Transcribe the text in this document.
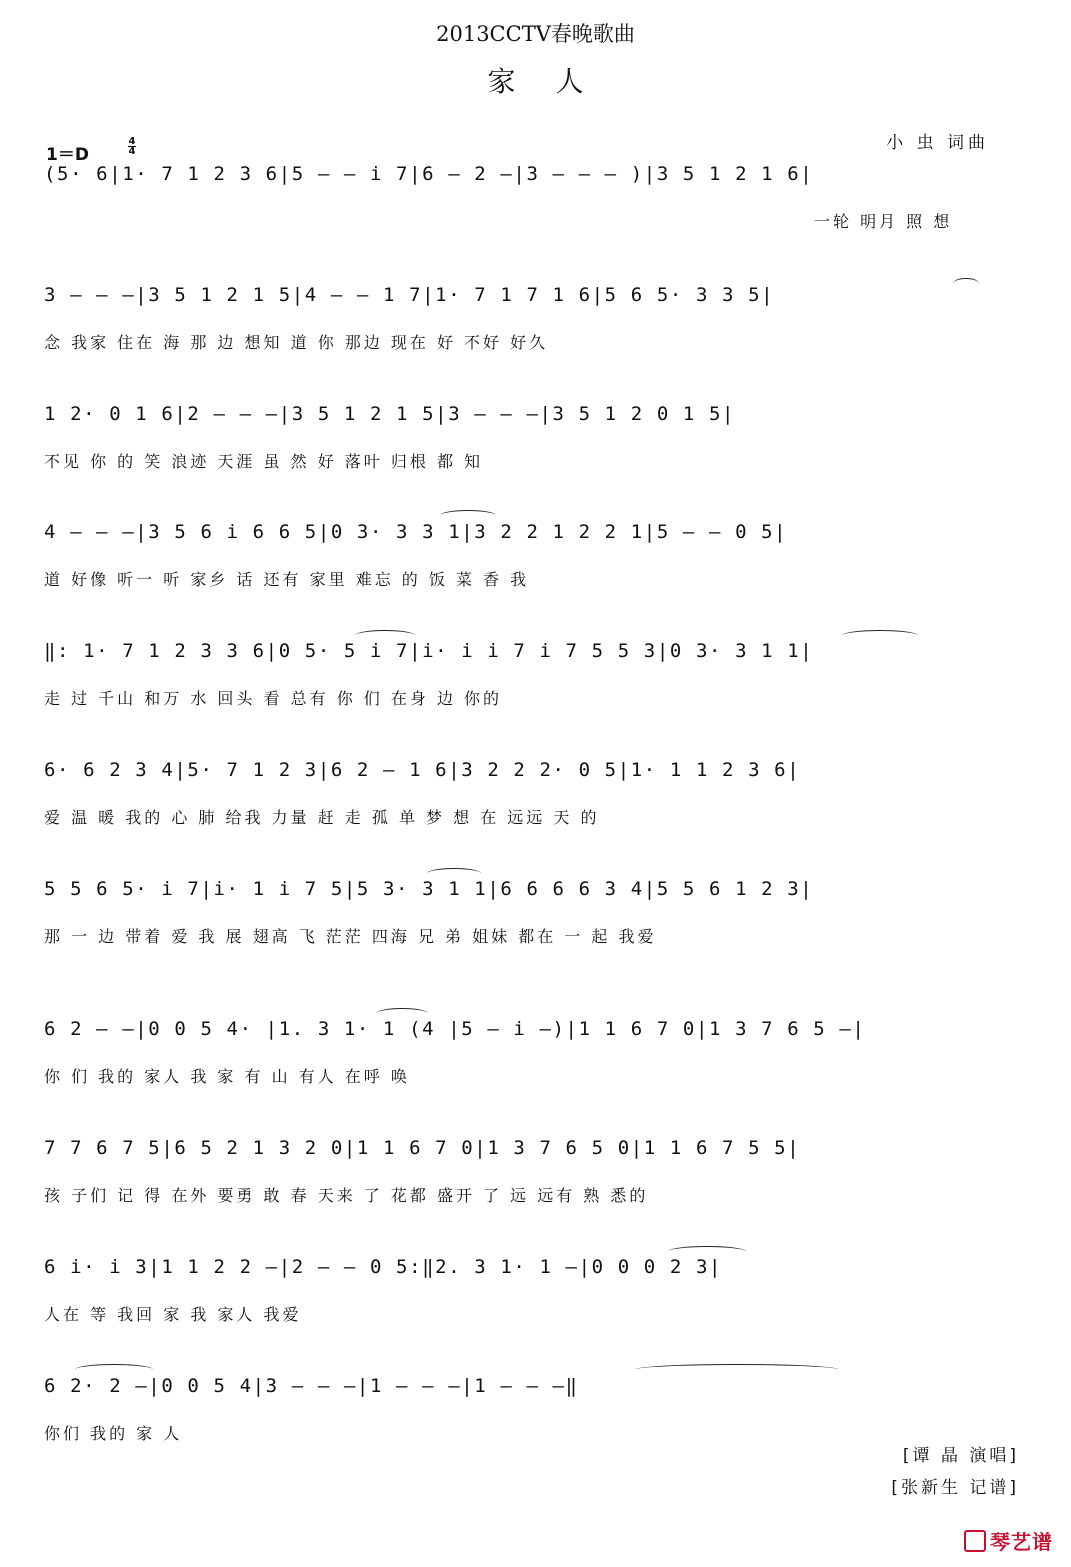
2013CCTV春晚歌曲
家人
小 虫 词曲
1＝D
4
4
(5· 6|1· 7 1 2 3 6|5 — — i 7|6 — 2 —|3 — — — )|3 5 1 2 1 6|
一轮 明月 照 想
3 — — —|3 5 1 2 1 5|4 — — 1 7|1· 7 1 7 1 6|5 6 5· 3 3 5|
念 我家 住在 海 那 边 想知 道 你 那边 现在 好 不好 好久
1 2· 0 1 6|2 — — —|3 5 1 2 1 5|3 — — —|3 5 1 2 0 1 5|
不见 你 的 笑 浪迹 天涯 虽 然 好 落叶 归根 都 知
4 — — —|3 5 6 i 6 6 5|0 3· 3 3 1|3 2 2 1 2 2 1|5 — — 0 5|
道 好像 听一 听 家乡 话 还有 家里 难忘 的 饭 菜 香 我
‖: 1· 7 1 2 3 3 6|0 5· 5 i 7|i· i i 7 i 7 5 5 3|0 3· 3 1 1|
走 过 千山 和万 水 回头 看 总有 你 们 在身 边 你的
6· 6 2 3 4|5· 7 1 2 3|6 2 — 1 6|3 2 2 2· 0 5|1· 1 1 2 3 6|
爱 温 暖 我的 心 肺 给我 力量 赶 走 孤 单 梦 想 在 远远 天 的
5 5 6 5· i 7|i· 1 i 7 5|5 3· 3 1 1|6 6 6 6 3 4|5 5 6 1 2 3|
那 一 边 带着 爱 我 展 翅高 飞 茫茫 四海 兄 弟 姐妹 都在 一 起 我爱
6 2 — —|0 0 5 4· |1. 3 1· 1 (4 |5 — i —)|1 1 6 7 0|1 3 7 6 5 —|
你 们 我的 家人 我 家 有 山 有人 在呼 唤
7 7 6 7 5|6 5 2 1 3 2 0|1 1 6 7 0|1 3 7 6 5 0|1 1 6 7 5 5|
孩 子们 记 得 在外 要勇 敢 春 天来 了 花都 盛开 了 远 远有 熟 悉的
6 i· i 3|1 1 2 2 —|2 — — 0 5:‖2. 3 1· 1 —|0 0 0 2 3|
人在 等 我回 家 我 家人 我爱
6 2· 2 —|0 0 5 4|3 — — —|1 — — —|1 — — —‖
你们 我的 家 人
[谭 晶 演唱]
[张新生 记谱]
琴艺谱
